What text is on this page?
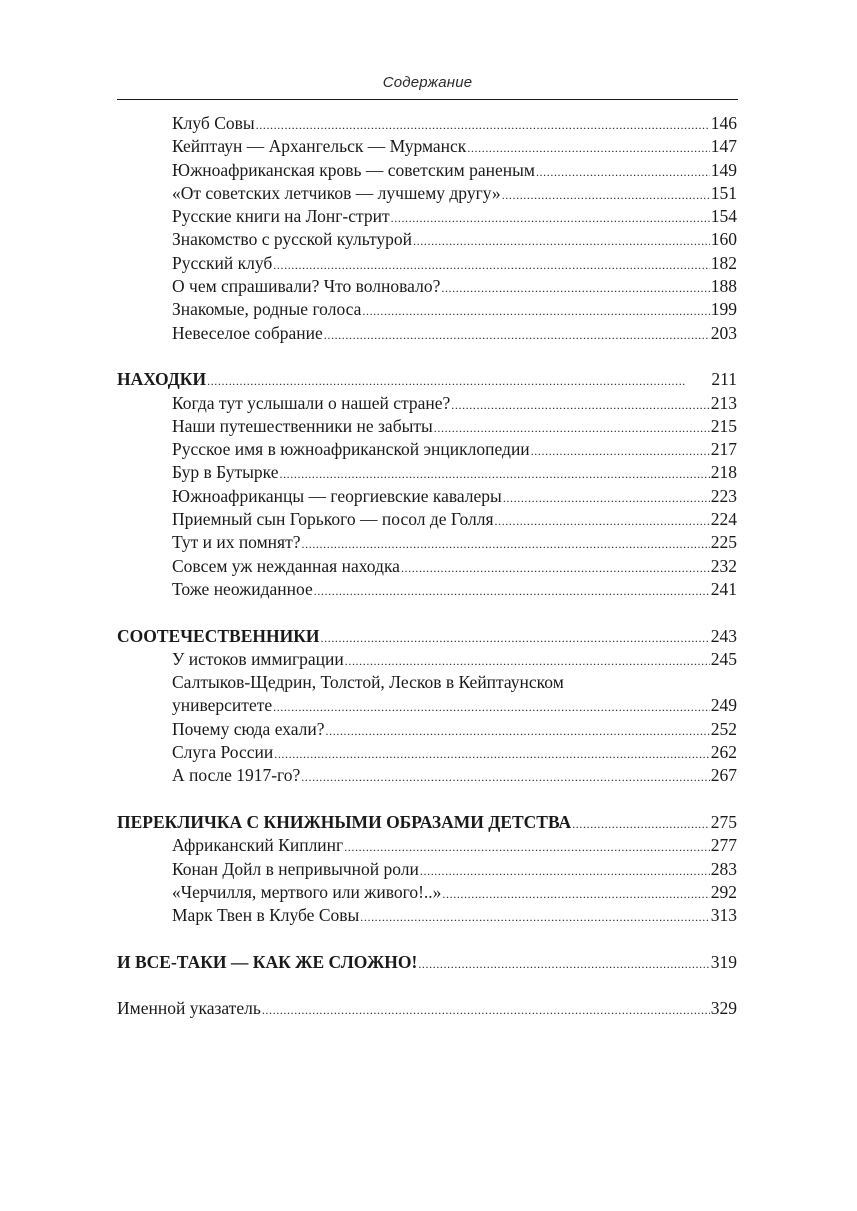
Содержание
Клуб Совы . . .	146
Кейптаун — Архангельск — Мурманск . . .	147
Южноафриканская кровь — советским раненым . . .	149
«От советских летчиков — лучшему другу» . . .	151
Русские книги на Лонг-стрит . . .	154
Знакомство с русской культурой . . .	160
Русский клуб . . .	182
О чем спрашивали? Что волновало? . . .	188
Знакомые, родные голоса . . .	199
Невеселое собрание . . .	203
НАХОДКИ . . .	211
Когда тут услышали о нашей стране? . . .	213
Наши путешественники не забыты . . .	215
Русское имя в южноафриканской энциклопедии . . .	217
Бур в Бутырке . . .	218
Южноафриканцы — георгиевские кавалеры . . .	223
Приемный сын Горького — посол де Голля . . .	224
Тут и их помнят? . . .	225
Совсем уж нежданная находка . . .	232
Тоже неожиданное . . .	241
СООТЕЧЕСТВЕННИКИ . . .	243
У истоков иммиграции . . .	245
Салтыков-Щедрин, Толстой, Лесков в Кейптаунском
университете . . .	249
Почему сюда ехали? . . .	252
Слуга России . . .	262
А после 1917-го? . . .	267
ПЕРЕКЛИЧКА С КНИЖНЫМИ ОБРАЗАМИ ДЕТСТВА . . .	275
Африканский Киплинг . . .	277
Конан Дойл в непривычной роли . . .	283
«Черчилля, мертвого или живого!..» . . .	292
Марк Твен в Клубе Совы . . .	313
И ВСЕ-ТАКИ — КАК ЖЕ СЛОЖНО! . . .	319
Именной указатель . . .	329
